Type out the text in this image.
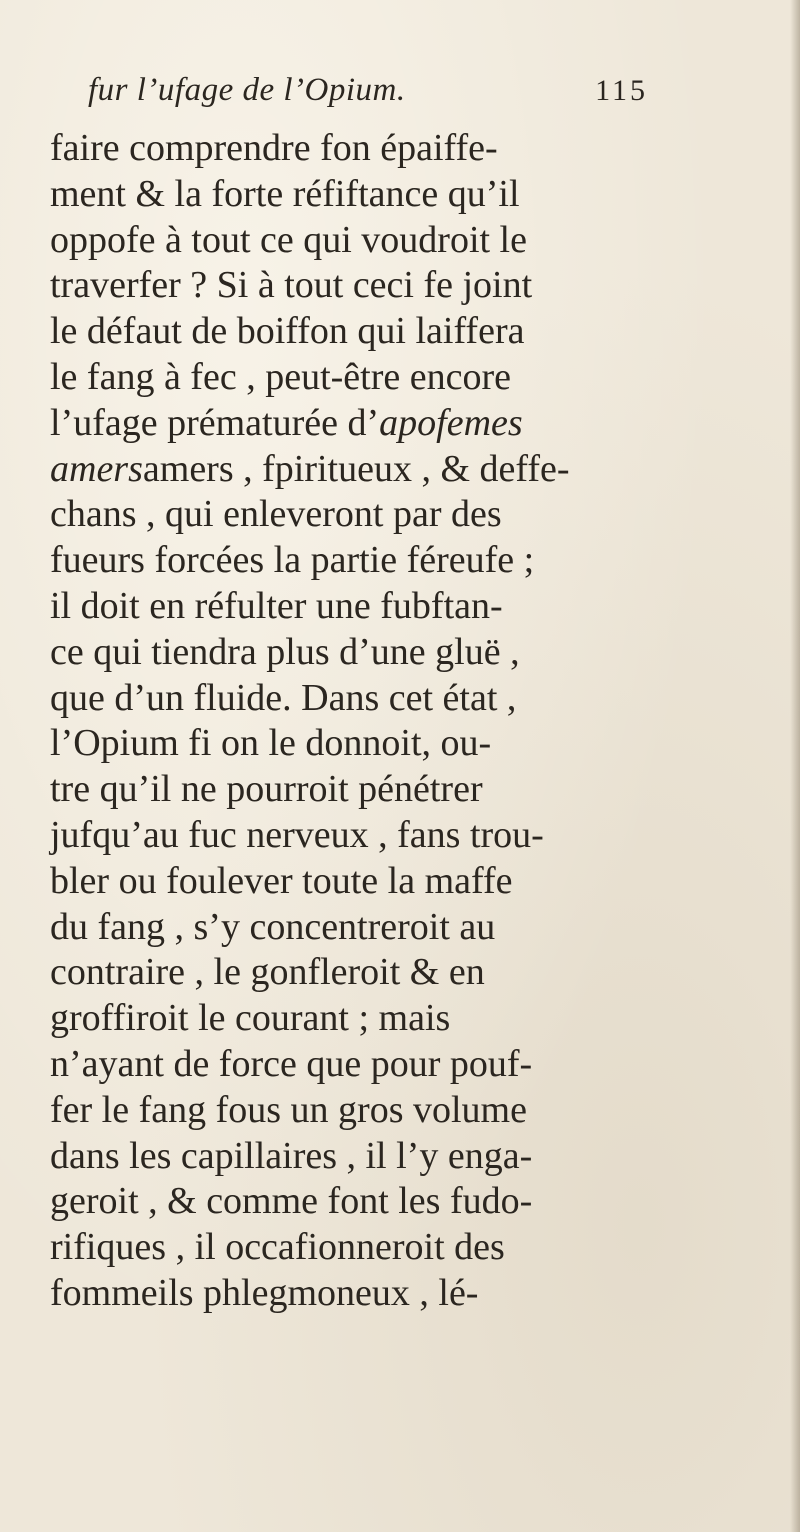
fur l’ufage de l’Opium.	115
faire comprendre fon épaiffe-
ment & la forte réfiftance qu’il
oppofe à tout ce qui voudroit le
traverfer ? Si à tout ceci fe joint
le défaut de boiffon qui laiffera
le fang à fec , peut-être encore
l’ufage prématurée d’apofemes
amersamers , fpiritueux , & deffe-
chans , qui enleveront par des
fueurs forcées la partie féreufe ;
il doit en réfulter une fubftan-
ce qui tiendra plus d’une gluë ,
que d’un fluide. Dans cet état ,
l’Opium fi on le donnoit, ou-
tre qu’il ne pourroit pénétrer
jufqu’au fuc nerveux , fans trou-
bler ou foulever toute la maffe
du fang , s’y concentreroit au
contraire , le gonfleroit & en
groffiroit le courant ; mais
n’ayant de force que pour pouf-
fer le fang fous un gros volume
dans les capillaires , il l’y enga-
geroit , & comme font les fudo-
rifiques , il occafionneroit des
fommeils phlegmoneux , lé-
